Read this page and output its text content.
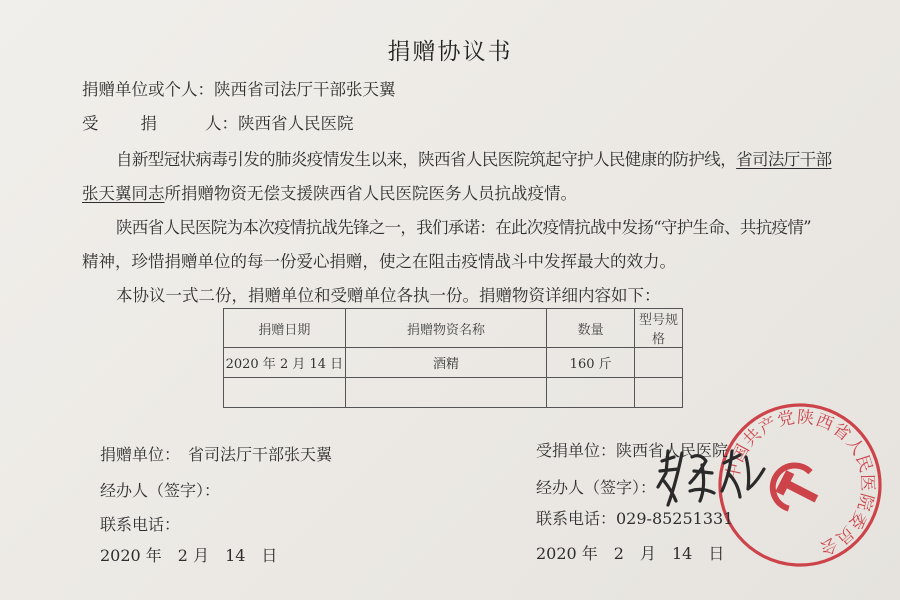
捐赠协议书
捐赠单位或个人：陕西省司法厅干部张天翼
受	捐	人：陕西省人民医院
自新型冠状病毒引发的肺炎疫情发生以来，陕西省人民医院筑起守护人民健康的防护线，省司法厅干部
张天翼同志所捐赠物资无偿支援陕西省人民医院医务人员抗战疫情。
陕西省人民医院为本次疫情抗战先锋之一，我们承诺：在此次疫情抗战中发扬“守护生命、共抗疫情”
精神，珍惜捐赠单位的每一份爱心捐赠，使之在阻击疫情战斗中发挥最大的效力。
本协议一式二份，捐赠单位和受赠单位各执一份。捐赠物资详细内容如下：
捐赠日期	捐赠物资名称	数量	型号规格
2020 年 2 月 14 日	酒精	160 斤	

捐赠单位：　省司法厅干部张天翼
经办人（签字）：
联系电话：
2020 年　2 月　14　日
中国共产党陕西省人民医院委员会
受捐单位：陕西省人民医院
经办人（签字）：
联系电话：029-85251331
2020 年　2　月　14　日
